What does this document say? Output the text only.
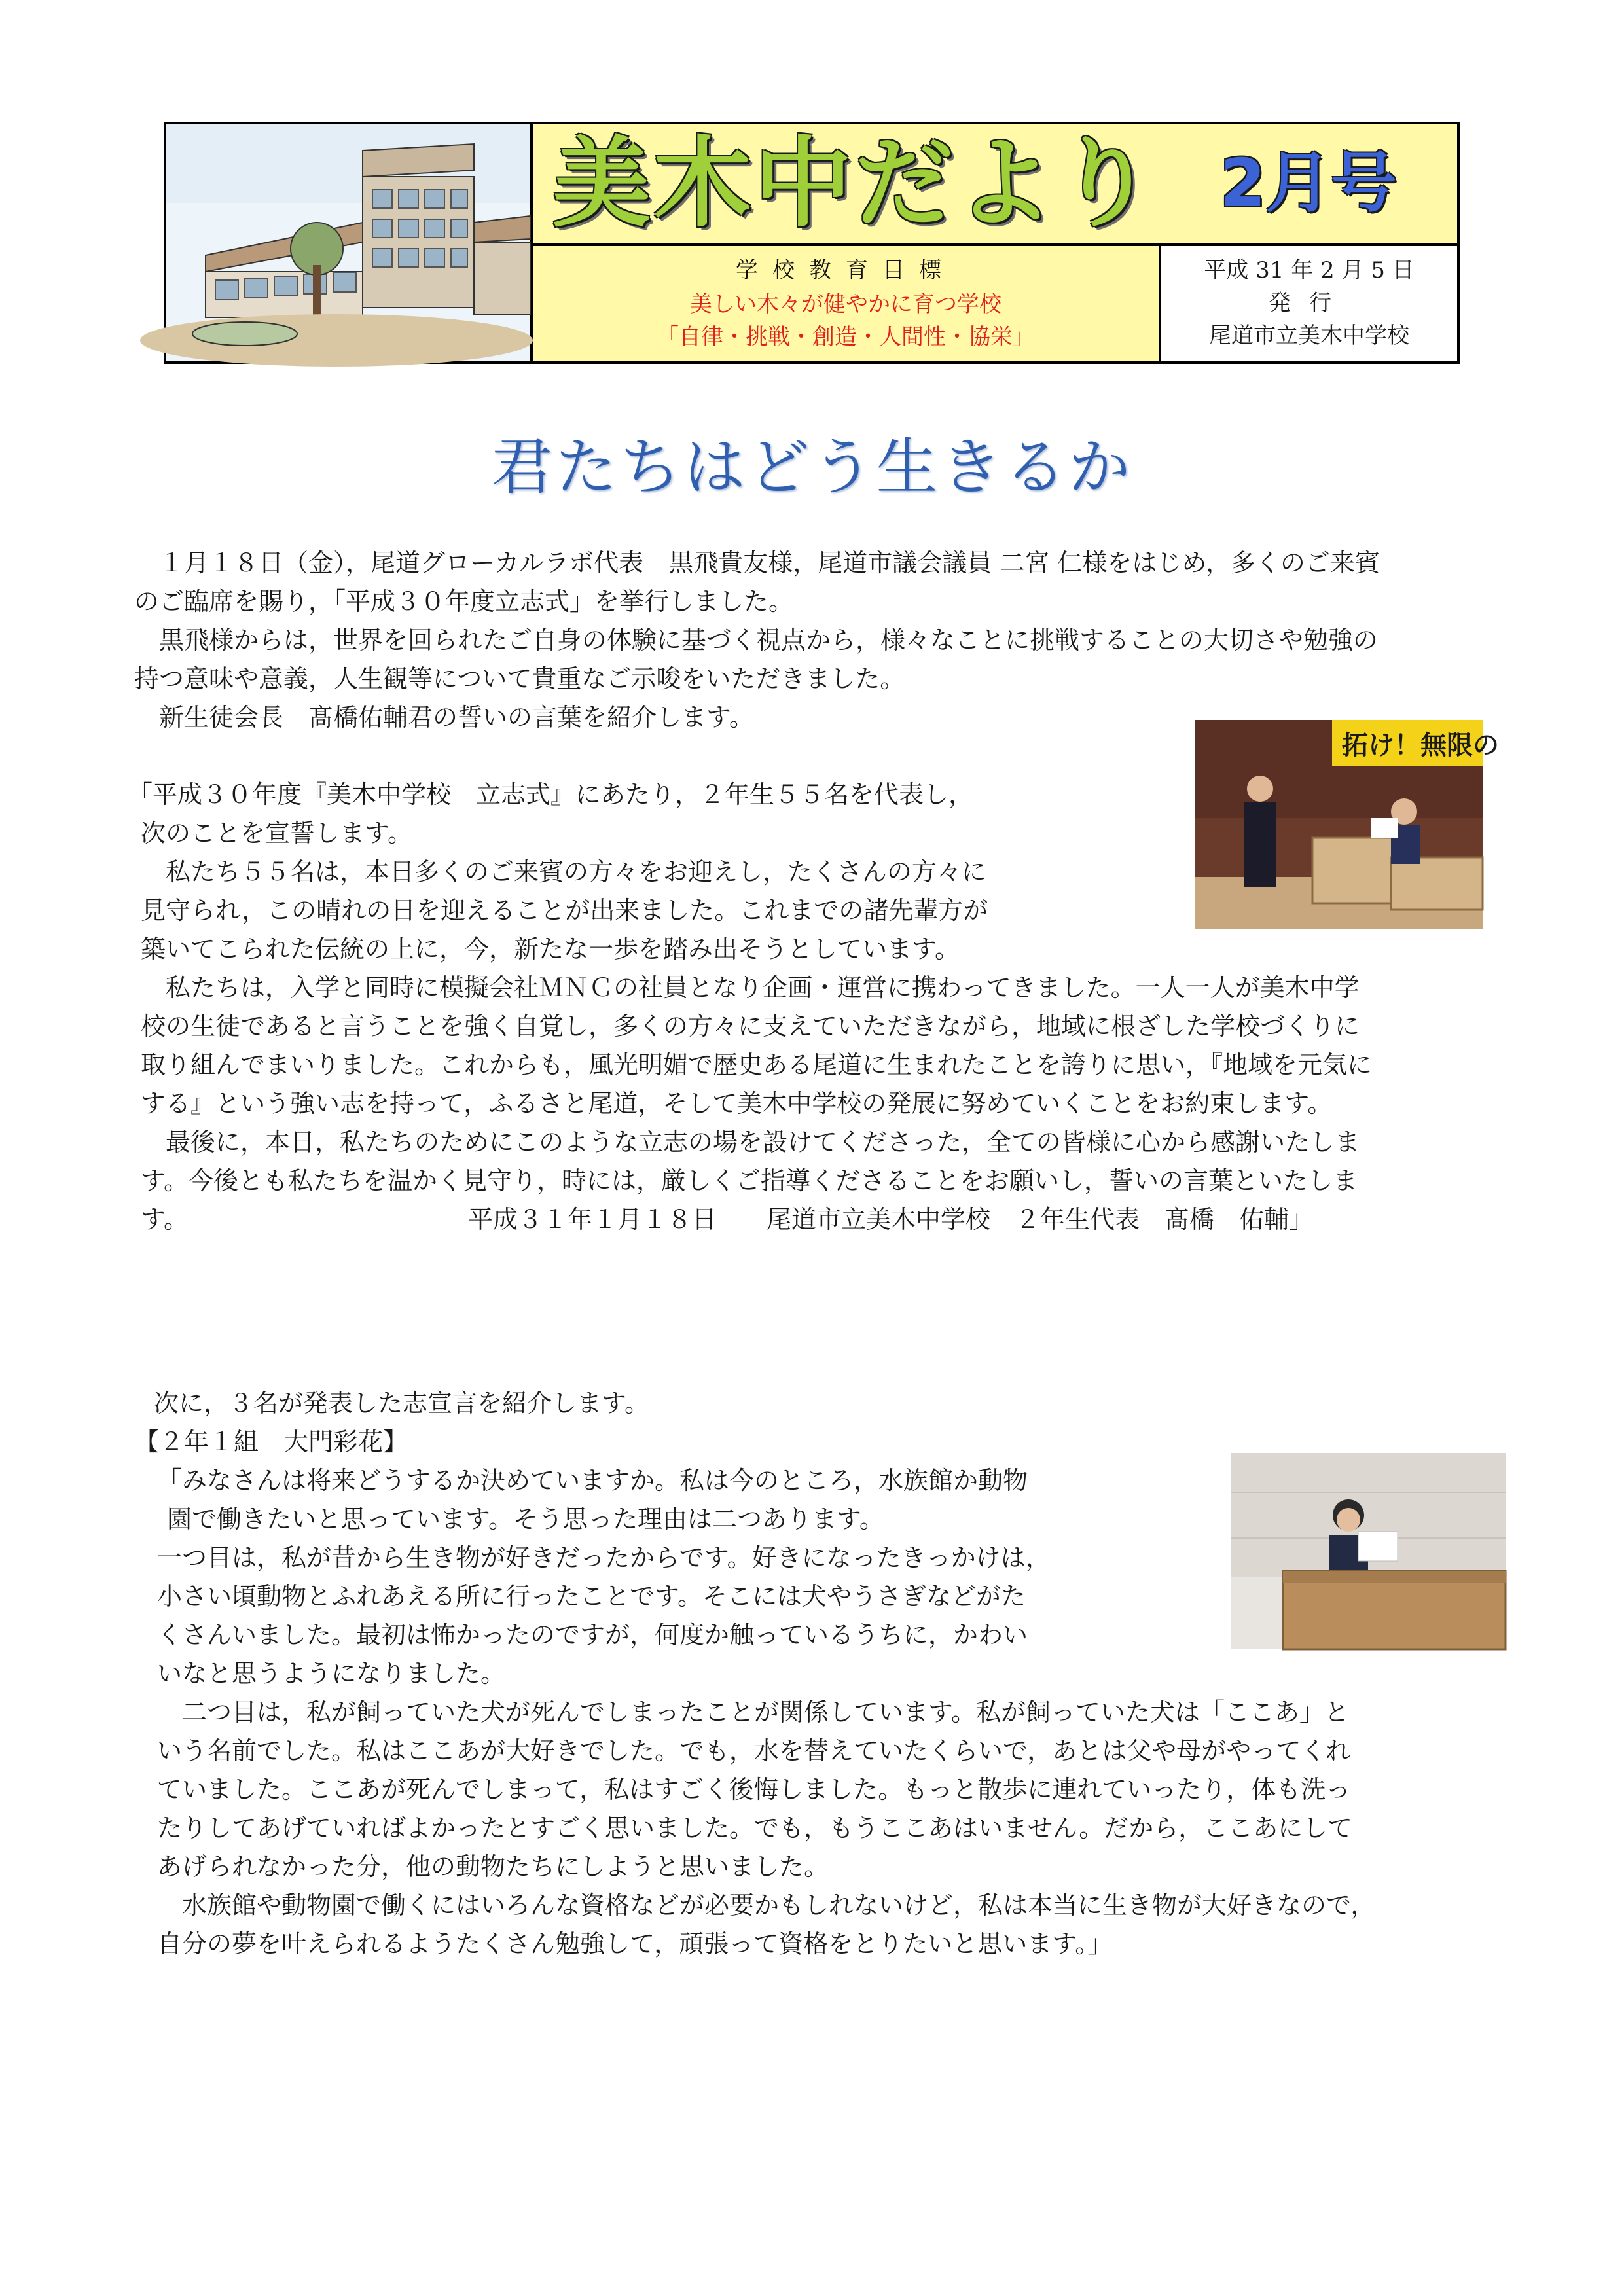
美木中だより 2月号
学校教育目標
美しい木々が健やかに育つ学校
「自律・挑戦・創造・人間性・協栄」
平成 31 年 2 月 5 日
発行
尾道市立美木中学校
君たちはどう生きるか
１月１８日（金），尾道グローカルラボ代表　黒飛貴友様，尾道市議会議員 二宮 仁様をはじめ，多くのご来賓
のご臨席を賜り，「平成３０年度立志式」を挙行しました。
黒飛様からは，世界を回られたご自身の体験に基づく視点から，様々なことに挑戦することの大切さや勉強の
持つ意味や意義，人生観等について貴重なご示唆をいただきました。
新生徒会長　髙橋佑輔君の誓いの言葉を紹介します。
拓け！無限の
「平成３０年度『美木中学校　立志式』にあたり，２年生５５名を代表し，
次のことを宣誓します。
　私たち５５名は，本日多くのご来賓の方々をお迎えし，たくさんの方々に
見守られ，この晴れの日を迎えることが出来ました。これまでの諸先輩方が
築いてこられた伝統の上に，今，新たな一歩を踏み出そうとしています。
　私たちは，入学と同時に模擬会社ＭＮＣの社員となり企画・運営に携わってきました。一人一人が美木中学
校の生徒であると言うことを強く自覚し，多くの方々に支えていただきながら，地域に根ざした学校づくりに
取り組んでまいりました。これからも，風光明媚で歴史ある尾道に生まれたことを誇りに思い，『地域を元気に
する』という強い志を持って，ふるさと尾道，そして美木中学校の発展に努めていくことをお約束します。
　最後に，本日，私たちのためにこのような立志の場を設けてくださった，全ての皆様に心から感謝いたしま
す。今後とも私たちを温かく見守り，時には，厳しくご指導くださることをお願いし，誓いの言葉といたしま
す。	平成３１年１月１８日　　尾道市立美木中学校　２年生代表　髙橋　佑輔」
次に，３名が発表した志宣言を紹介します。
【２年１組　大門彩花】
「みなさんは将来どうするか決めていますか。私は今のところ，水族館か動物
園で働きたいと思っています。そう思った理由は二つあります。
一つ目は，私が昔から生き物が好きだったからです。好きになったきっかけは，
小さい頃動物とふれあえる所に行ったことです。そこには犬やうさぎなどがた
くさんいました。最初は怖かったのですが，何度か触っているうちに，かわい
いなと思うようになりました。
　二つ目は，私が飼っていた犬が死んでしまったことが関係しています。私が飼っていた犬は「ここあ」と
いう名前でした。私はここあが大好きでした。でも，水を替えていたくらいで，あとは父や母がやってくれ
ていました。ここあが死んでしまって，私はすごく後悔しました。もっと散歩に連れていったり，体も洗っ
たりしてあげていればよかったとすごく思いました。でも，もうここあはいません。だから，ここあにして
あげられなかった分，他の動物たちにしようと思いました。
　水族館や動物園で働くにはいろんな資格などが必要かもしれないけど，私は本当に生き物が大好きなので，
自分の夢を叶えられるようたくさん勉強して，頑張って資格をとりたいと思います。」
